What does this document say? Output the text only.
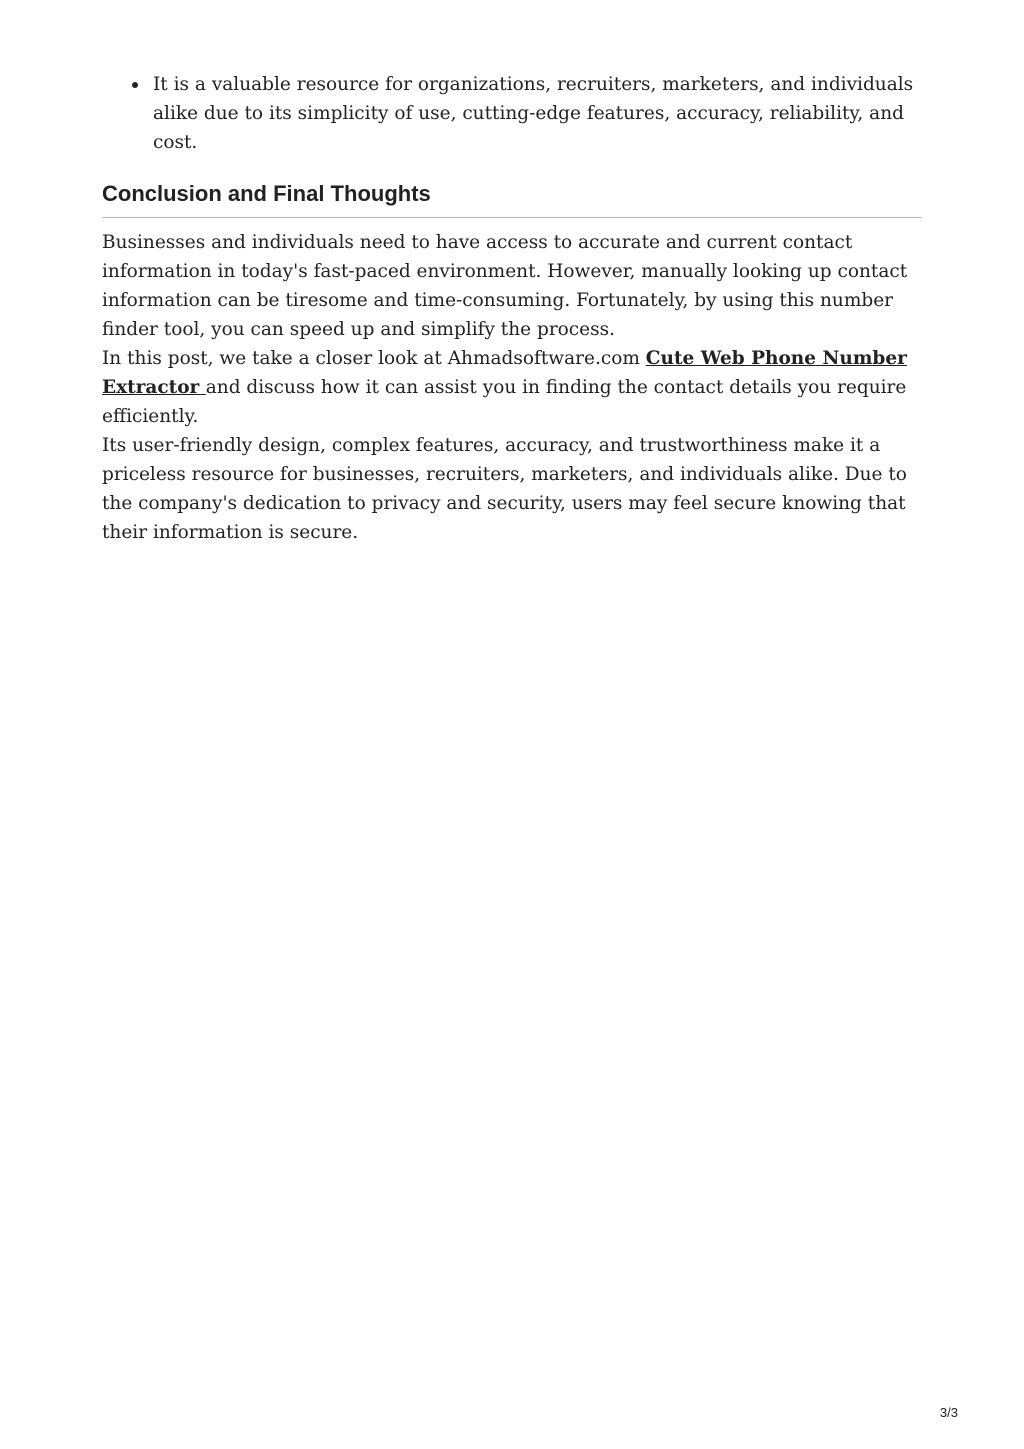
It is a valuable resource for organizations, recruiters, marketers, and individuals alike due to its simplicity of use, cutting-edge features, accuracy, reliability, and cost.
Conclusion and Final Thoughts
Businesses and individuals need to have access to accurate and current contact information in today's fast-paced environment. However, manually looking up contact information can be tiresome and time-consuming. Fortunately, by using this number finder tool, you can speed up and simplify the process.
In this post, we take a closer look at Ahmadsoftware.com Cute Web Phone Number Extractor and discuss how it can assist you in finding the contact details you require efficiently.
Its user-friendly design, complex features, accuracy, and trustworthiness make it a priceless resource for businesses, recruiters, marketers, and individuals alike. Due to the company's dedication to privacy and security, users may feel secure knowing that their information is secure.
3/3
